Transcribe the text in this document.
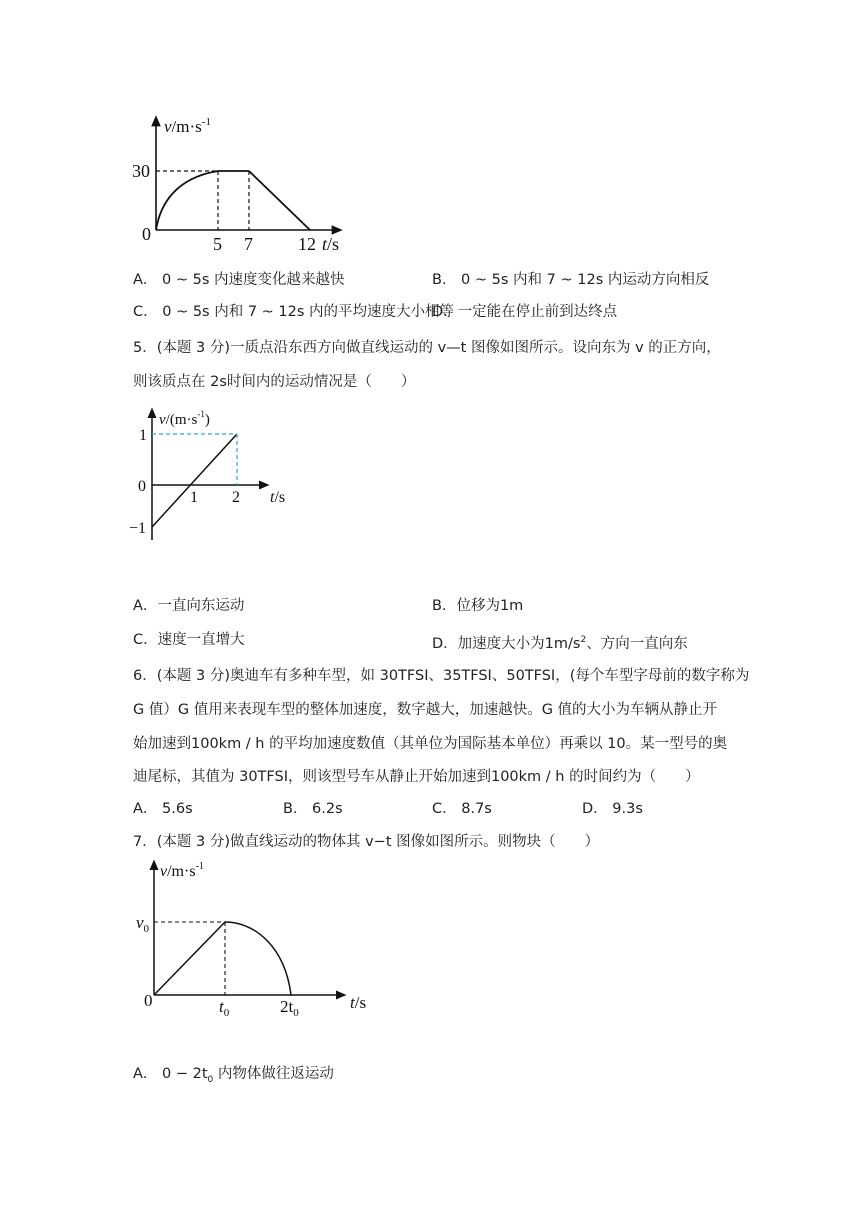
$v/m\cdot s^{-1}$
30
0	5 7	12 t/s
A． 0 ~ 5s 内速度变化越来越快	B． 0 ~ 5s 内和 7 ~ 12s 内运动方向相反
C． 0 ~ 5s 内和 7 ~ 12s 内的平均速度大小相等
D．一定能在停止前到达终点
5．(本题 3 分)一质点沿东西方向做直线运动的 v—t 图像如图所示。设向东为 v 的正方向，
则该质点在 2s时间内的运动情况是（　　）
$v/(m\cdot s^{-1})$
1
0
−1
1 2 t/s
A．一直向东运动	B．位移为1m
C．速度一直增大	D．加速度大小为$1m/s^2$、方向一直向东
6．(本题 3 分)奥迪车有多种车型，如 30TFSI、35TFSI、50TFSI，(每个车型字母前的数字称为
G 值）G 值用来表现车型的整体加速度，数字越大，加速越快。G 值的大小为车辆从静止开
始加速到100km / h 的平均加速度数值（其单位为国际基本单位）再乘以 10。某一型号的奥
迪尾标，其值为 30TFSI，则该型号车从静止开始加速到100km / h 的时间约为（　　）
A． 5.6s	B． 6.2s	C． 8.7s	D． 9.3s
7．(本题 3 分)做直线运动的物体其 v−t 图像如图所示。则物块（　　）
$v/m\cdot s^{-1}$
$v_0$
0	$t_0$	$2t_0$
t/s
A． $0 - 2t_0$ 内物体做往返运动
